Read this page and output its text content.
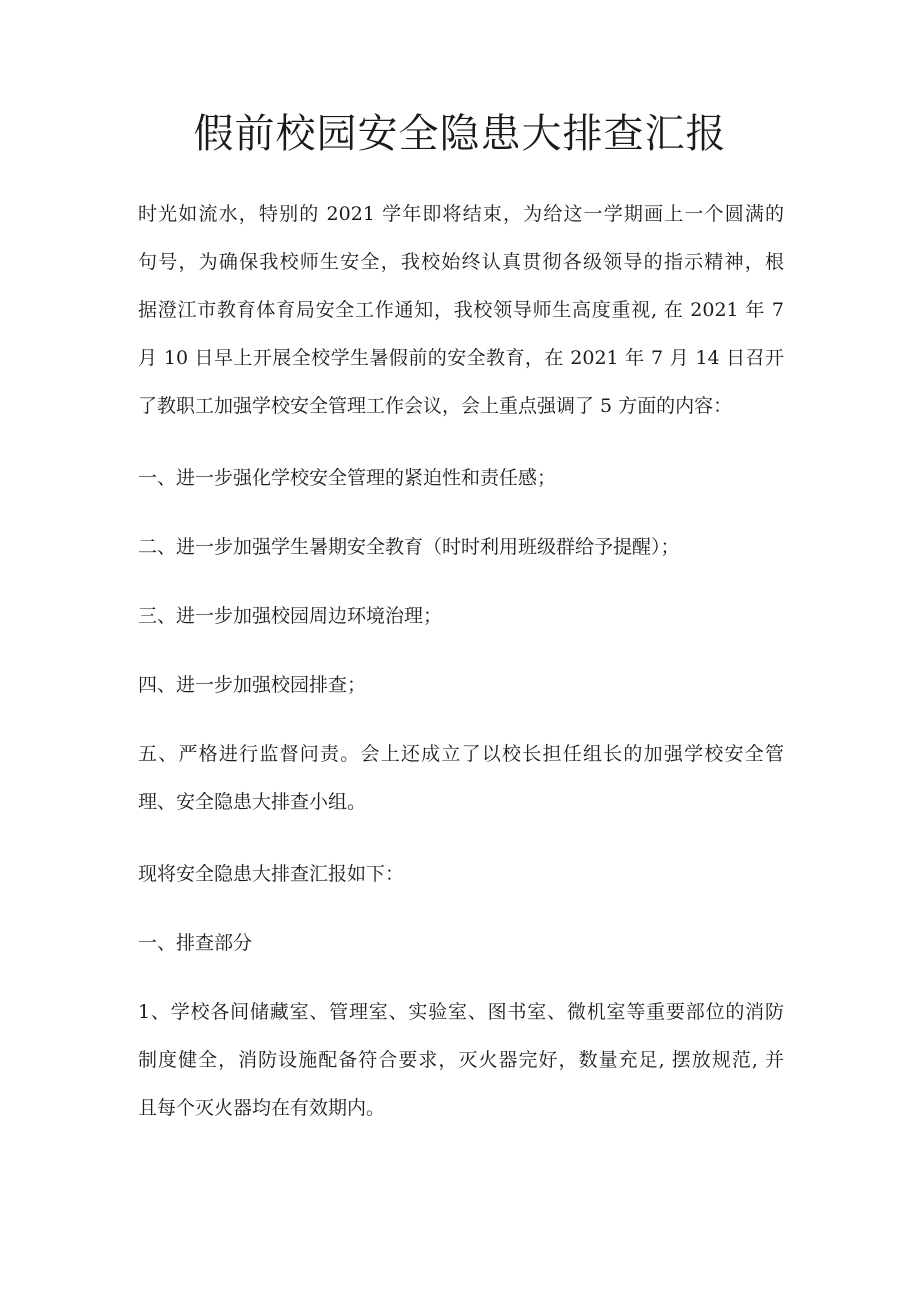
假前校园安全隐患大排查汇报

时光如流水，特别的 2021 学年即将结束，为给这一学期画上一个圆满的
句号，为确保我校师生安全，我校始终认真贯彻各级领导的指示精神，根
据澄江市教育体育局安全工作通知，我校领导师生高度重视, 在 2021 年 7
月 10 日早上开展全校学生暑假前的安全教育，在 2021 年 7 月 14 日召开
了教职工加强学校安全管理工作会议，会上重点强调了 5 方面的内容：

一、进一步强化学校安全管理的紧迫性和责任感；

二、进一步加强学生暑期安全教育（时时利用班级群给予提醒）；

三、进一步加强校园周边环境治理；

四、进一步加强校园排查；

五、严格进行监督问责。会上还成立了以校长担任组长的加强学校安全管
理、安全隐患大排查小组。

现将安全隐患大排查汇报如下：

一、排查部分

1、学校各间储藏室、管理室、实验室、图书室、微机室等重要部位的消防
制度健全，消防设施配备符合要求，灭火器完好，数量充足, 摆放规范, 并
且每个灭火器均在有效期内。
